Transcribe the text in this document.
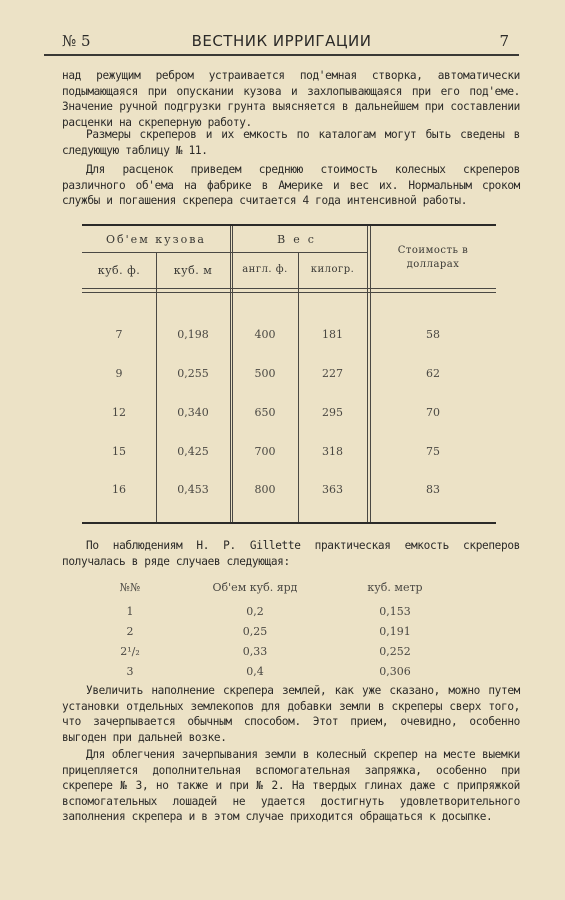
№ 5	ВЕСТНИК ИРРИГАЦИИ	7
над режущим ребром устраивается под'емная створка, автоматически подымающаяся при опускании кузова и захлопывающаяся при его под'еме. Значение ручной подгрузки грунта выясняется в дальнейшем при составлении расценки на скреперную работу.
Размеры скреперов и их емкость по каталогам могут быть сведены в следующую таблицу № 11.
Для расценок приведем среднюю стоимость колесных скреперов различного об'ема на фабрике в Америке и вес их. Нормальным сроком службы и погашения скрепера считается 4 года интенсивной работы.
Об'ем кузова	Вес
Стоимость в долларах
куб. ф.	куб. м	англ. ф.	килогр.
7	0,198	400	181	58
9	0,255	500	227	62
12	0,340	650	295	70
15	0,425	700	318	75
16	0,453	800	363	83
По наблюдениям Н. Р. Gillette практическая емкость скреперов получалась в ряде случаев следующая:
№№	Об'ем куб. ярд	куб. метр
1	0,2	0,153
2	0,25	0,191
2¹/₂	0,33	0,252
3	0,4	0,306
Увеличить наполнение скрепера землей, как уже сказано, можно путем установки отдельных землекопов для добавки земли в скреперы сверх того, что зачерпывается обычным способом. Этот прием, очевидно, особенно выгоден при дальней возке.
Для облегчения зачерпывания земли в колесный скрепер на месте выемки прицепляется дополнительная вспомогательная запряжка, особенно при скрепере № 3, но также и при № 2. На твердых глинах даже с припряжкой вспомогательных лошадей не удается достигнуть удовлетворительного заполнения скрепера и в этом случае приходится обращаться к досыпке.
